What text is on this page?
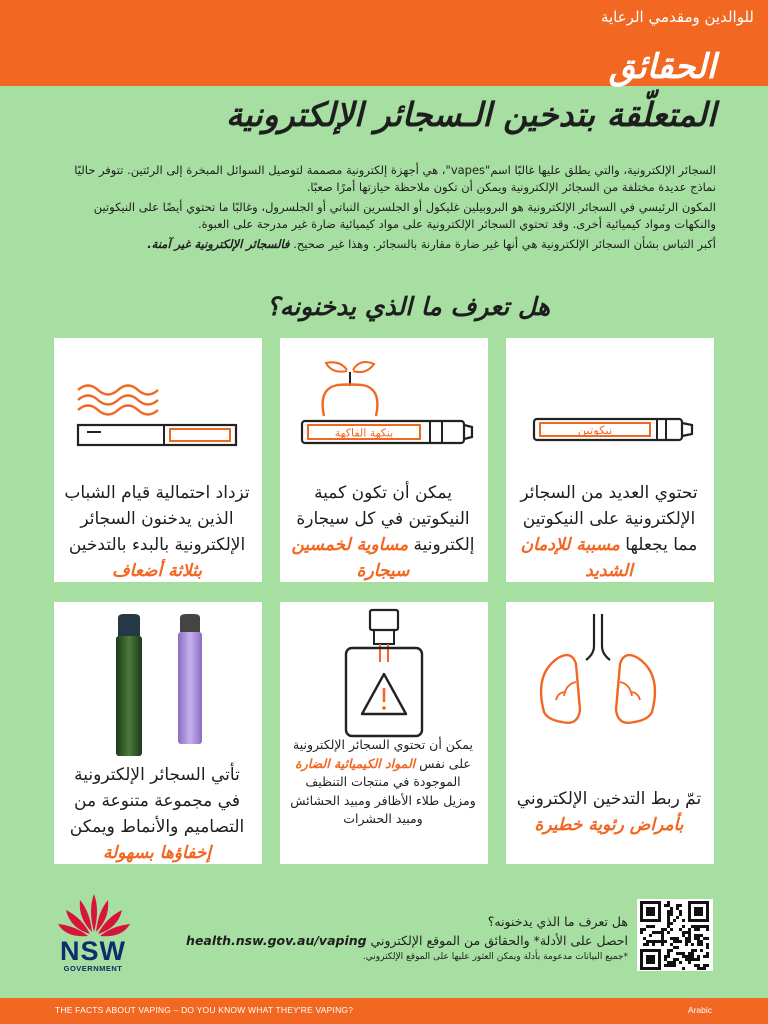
للوالدين ومقدمي الرعاية

الحقائق
المتعلّقة بتدخين الـسجائر الإلكترونية

السجائر الإلكترونية، والتي يطلق عليها غالبًا اسم"vapes"، هي أجهزة إلكترونية مصممة لتوصيل السوائل المبخرة إلى الرئتين. تتوفر حاليًا نماذج عديدة مختلفة من السجائر الإلكترونية ويمكن أن تكون ملاحظة حيازتها أمرًا صعبًا.

المكون الرئيسي في السجائر الإلكترونية هو البروبيلين غليكول أو الجلسرين النباتي أو الجلسرول، وغالبًا ما تحتوي أيضًا على النيكوتين والنكهات ومواد كيميائية أخرى. وقد تحتوي السجائر الإلكترونية على مواد كيميائية ضارة غير مدرجة على العبوة.

أكبر التباس بشأن السجائر الإلكترونية هي أنها غير ضارة مقارنة بالسجائر. وهذا غير صحيح. فالسجائر الإلكترونية غير آمنة.

هل تعرف ما الذي يدخنونه؟
نيكوتين
تحتوي العديد من السجائر الإلكترونية على النيكوتين مما يجعلها مسببة للإدمان الشديد
بنكهة الفاكهة
يمكن أن تكون كمية النيكوتين في كل سيجارة إلكترونية مساوية لخمسين سيجارة
تزداد احتمالية قيام الشباب الذين يدخنون السجائر الإلكترونية بالبدء بالتدخين بثلاثة أضعاف
تمّ ربط التدخين الإلكتروني بأمراض رئوية خطيرة
يمكن أن تحتوي السجائر الإلكترونية على نفس المواد الكيميائية الضارة الموجودة في منتجات التنظيف ومزيل طلاء الأظافر ومبيد الحشائش ومبيد الحشرات
تأتي السجائر الإلكترونية في مجموعة متنوعة من التصاميم والأنماط ويمكن إخفاؤها بسهولة
NSW
GOVERNMENT

هل تعرف ما الذي يدخنونه؟

احصل على الأدلة* والحقائق من الموقع الإلكتروني health.nsw.gov.au/vaping

*جميع البيانات مدعومة بأدلة ويمكن العثور عليها على الموقع الإلكتروني.

THE FACTS ABOUT VAPING – DO YOU KNOW WHAT THEY'RE VAPING?	Arabic
